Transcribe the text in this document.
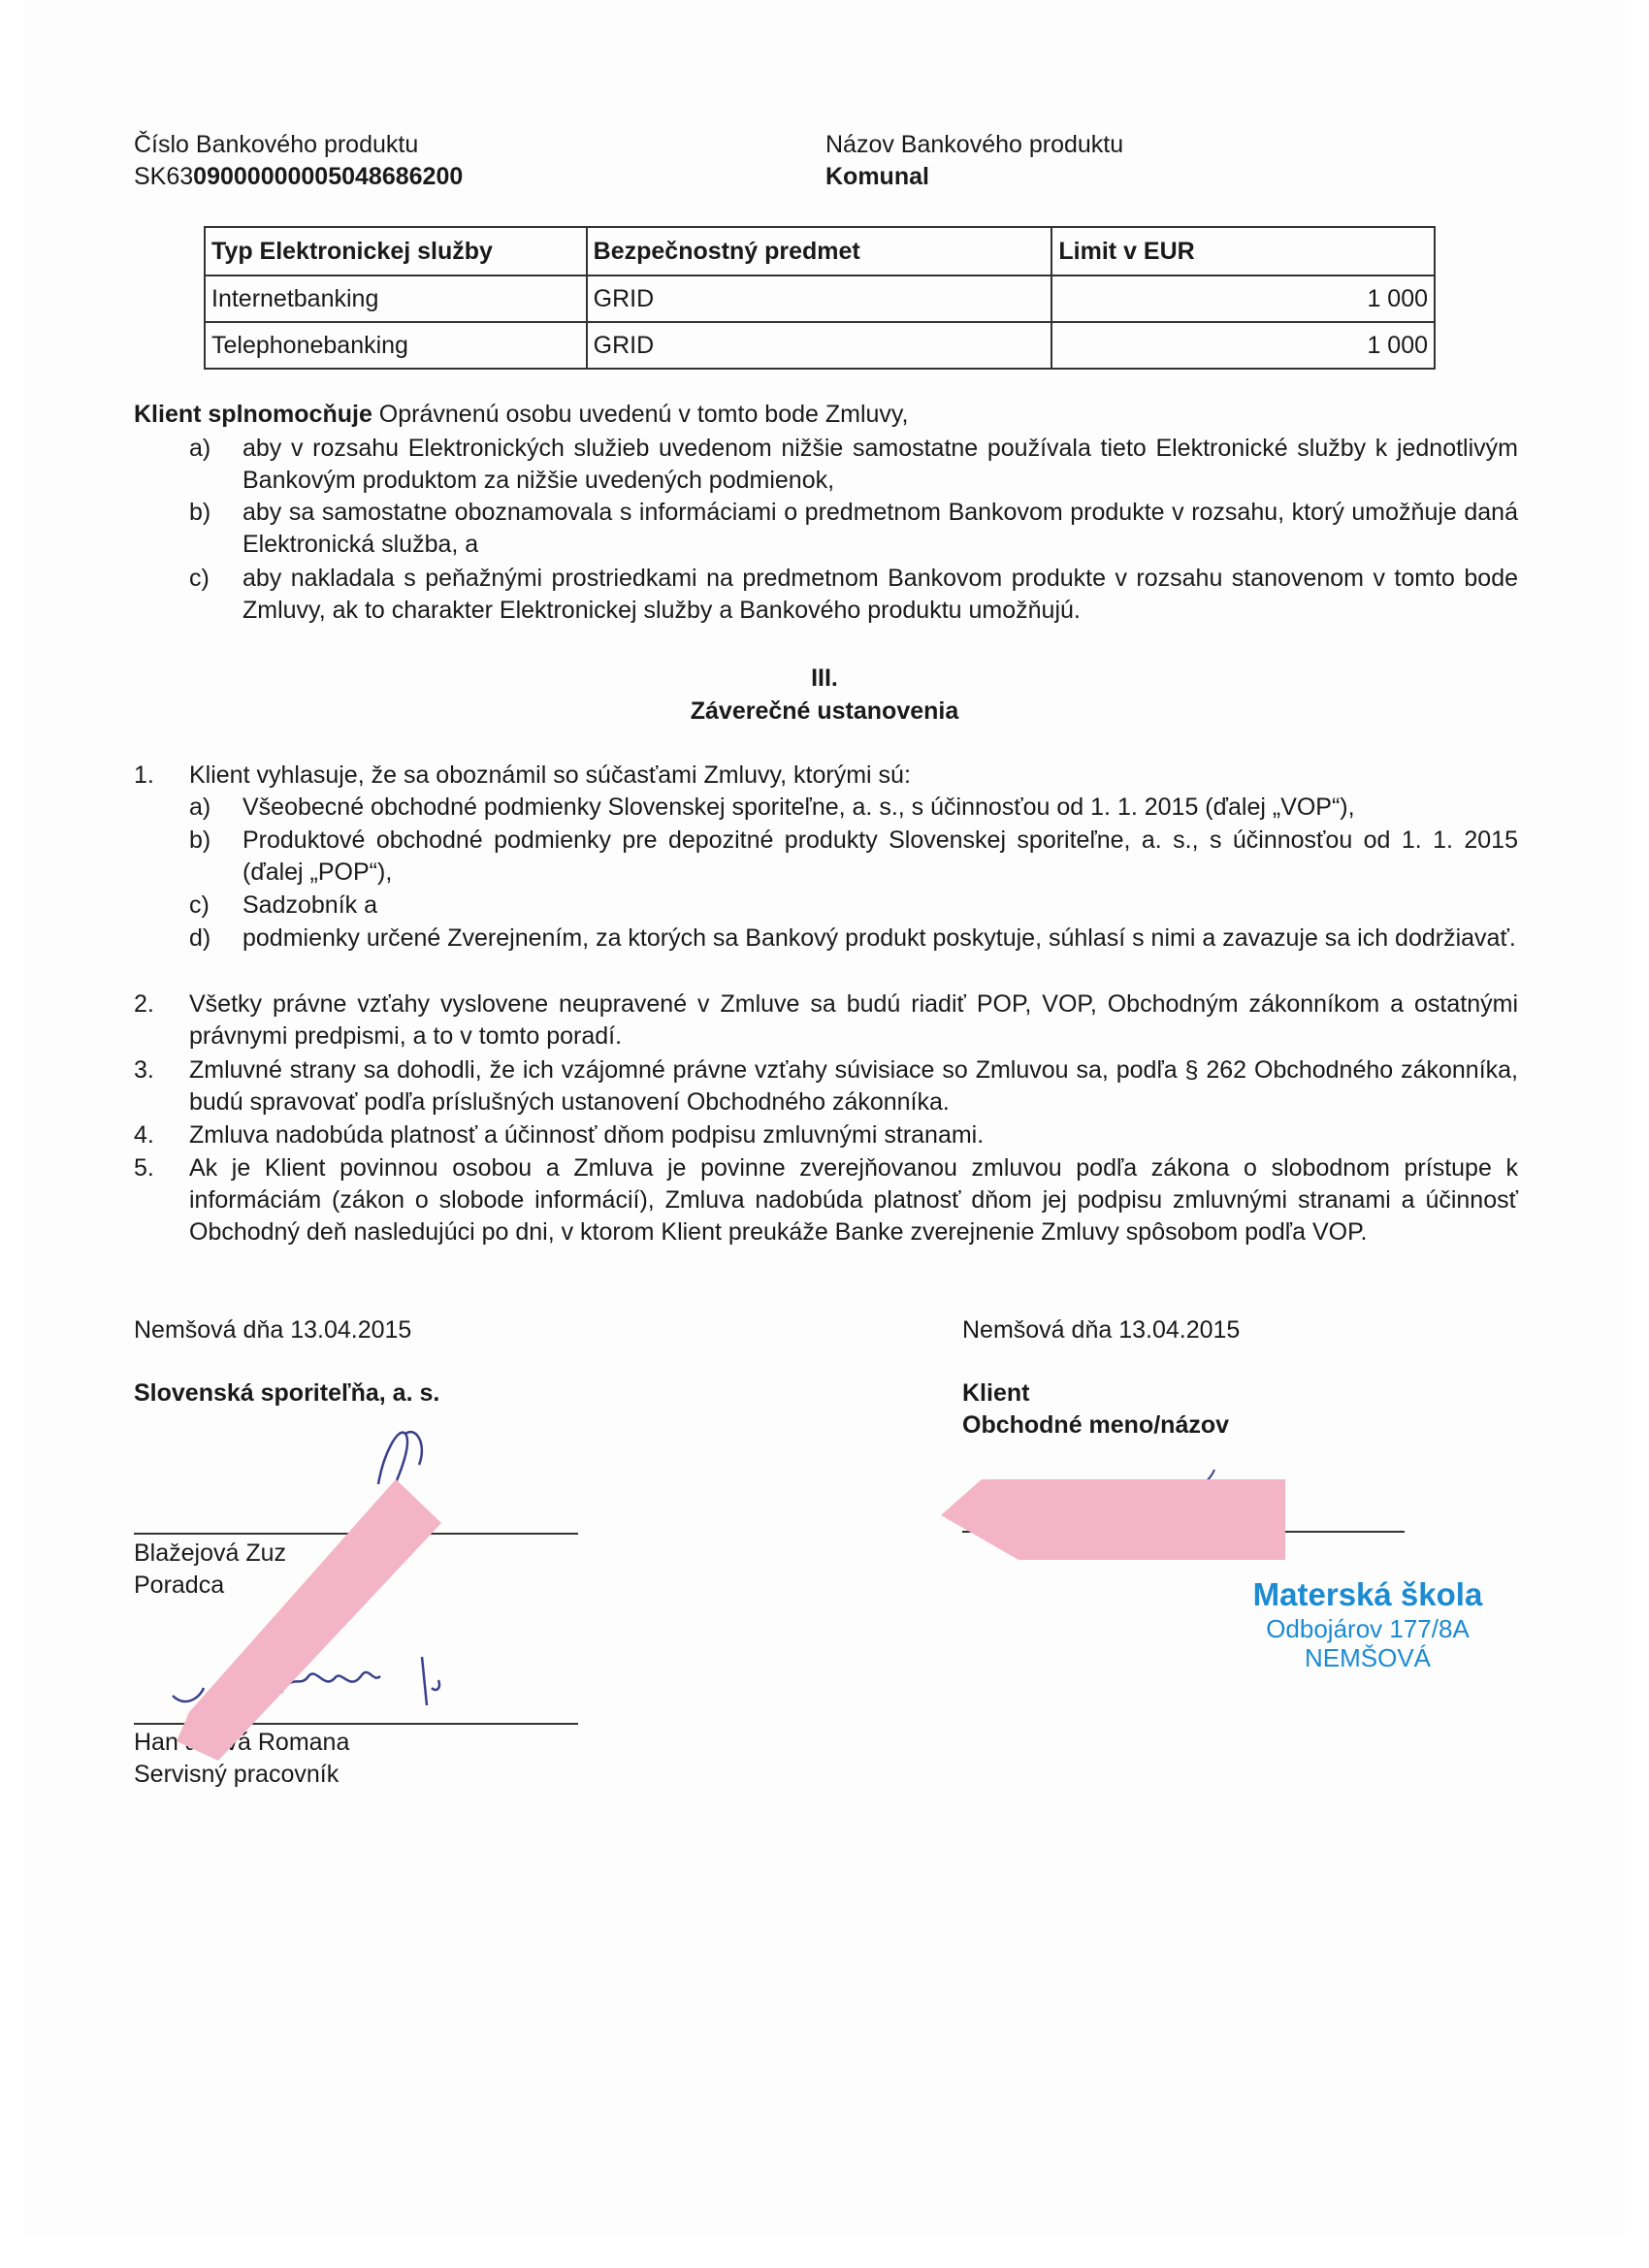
Číslo Bankového produktu
SK6309000000005048686200
Názov Bankového produktu
Komunal
Typ Elektronickej služby	Bezpečnostný predmet	Limit v EUR
Internetbanking	GRID	1 000
Telephonebanking	GRID	1 000
Klient splnomocňuje Oprávnenú osobu uvedenú v tomto bode Zmluvy,
a) aby v rozsahu Elektronických služieb uvedenom nižšie samostatne používala tieto Elektronické služby k jednotlivým Bankovým produktom za nižšie uvedených podmienok,
b) aby sa samostatne oboznamovala s informáciami o predmetnom Bankovom produkte v rozsahu, ktorý umožňuje daná Elektronická služba, a
c) aby nakladala s peňažnými prostriedkami na predmetnom Bankovom produkte v rozsahu stanovenom v tomto bode Zmluvy, ak to charakter Elektronickej služby a Bankového produktu umožňujú.
III.
Záverečné ustanovenia
1. Klient vyhlasuje, že sa oboznámil so súčasťami Zmluvy, ktorými sú:
a) Všeobecné obchodné podmienky Slovenskej sporiteľne, a. s., s účinnosťou od 1. 1. 2015 (ďalej „VOP“),
b) Produktové obchodné podmienky pre depozitné produkty Slovenskej sporiteľne, a. s., s účinnosťou od 1. 1. 2015 (ďalej „POP“),
c) Sadzobník a
d) podmienky určené Zverejnením, za ktorých sa Bankový produkt poskytuje, súhlasí s nimi a zavazuje sa ich dodržiavať.
2. Všetky právne vzťahy vyslovene neupravené v Zmluve sa budú riadiť POP, VOP, Obchodným zákonníkom a ostatnými právnymi predpismi, a to v tomto poradí.
3. Zmluvné strany sa dohodli, že ich vzájomné právne vzťahy súvisiace so Zmluvou sa, podľa § 262 Obchodného zákonníka, budú spravovať podľa príslušných ustanovení Obchodného zákonníka.
4. Zmluva nadobúda platnosť a účinnosť dňom podpisu zmluvnými stranami.
5. Ak je Klient povinnou osobou a Zmluva je povinne zverejňovanou zmluvou podľa zákona o slobodnom prístupe k informáciám (zákon o slobode informácií), Zmluva nadobúda platnosť dňom jej podpisu zmluvnými stranami a účinnosť Obchodný deň nasledujúci po dni, v ktorom Klient preukáže Banke zverejnenie Zmluvy spôsobom podľa VOP.
Nemšová dňa 13.04.2015
Slovenská sporiteľňa, a. s.
Blažejová Zuz
Poradca
Han anová Romana
Servisný pracovník
Nemšová dňa 13.04.2015
Klient
Obchodné meno/názov
Materská škola
Odbojárov 177/8A
NEMŠOVÁ
